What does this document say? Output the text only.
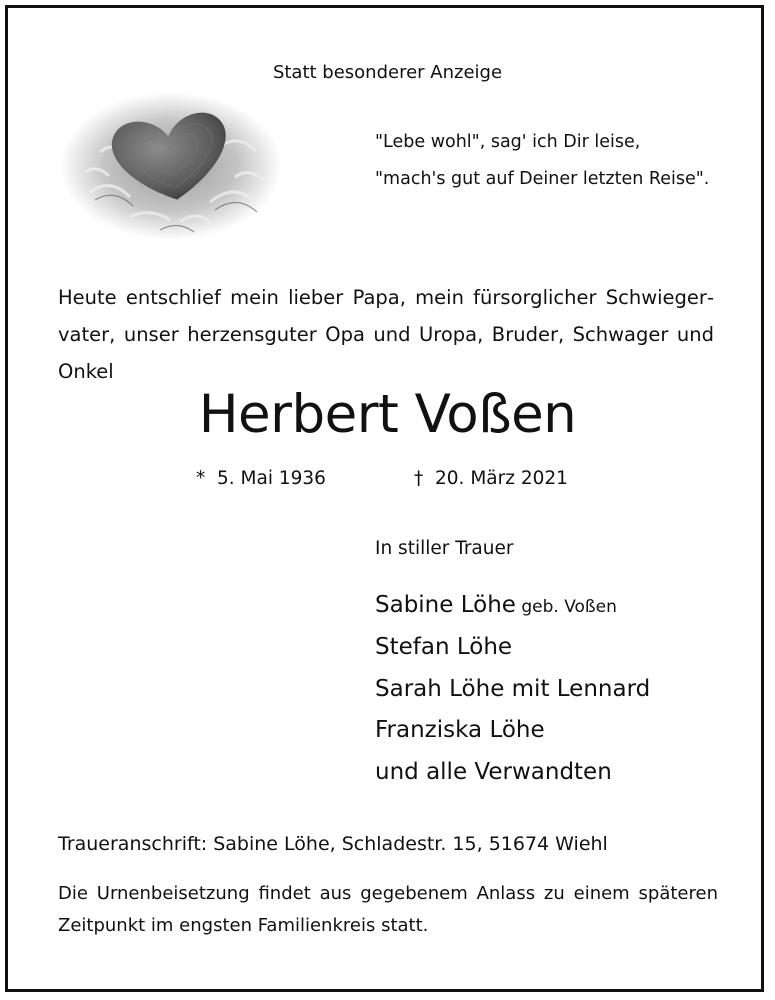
Statt besonderer Anzeige
"Lebe wohl", sag' ich Dir leise,
"mach's gut auf Deiner letzten Reise".
Heute entschlief mein lieber Papa, mein fürsorglicher Schwiegervater, unser herzensguter Opa und Uropa, Bruder, Schwager und Onkel
Herbert Voßen
* 5. Mai 1936	† 20. März 2021
In stiller Trauer
Sabine Löhe geb. Voßen
Stefan Löhe
Sarah Löhe mit Lennard
Franziska Löhe
und alle Verwandten
Traueranschrift: Sabine Löhe, Schladestr. 15, 51674 Wiehl
Die Urnenbeisetzung findet aus gegebenem Anlass zu einem späteren Zeitpunkt im engsten Familienkreis statt.
